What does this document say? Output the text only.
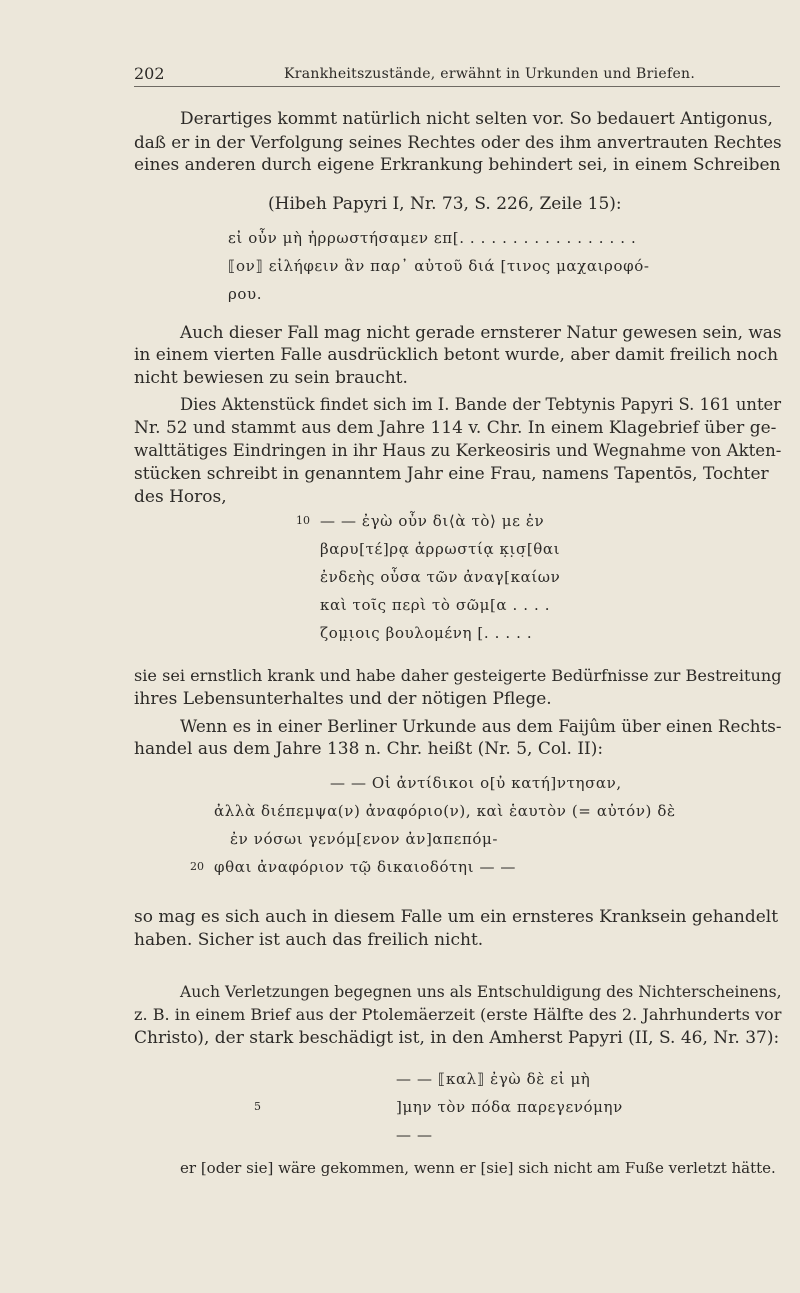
202	Krankheitszustände, erwähnt in Urkunden und Briefen.
Derartiges kommt natürlich nicht selten vor. So bedauert Antigonus,
daß er in der Verfolgung seines Rechtes oder des ihm anvertrauten Rechtes
eines anderen durch eigene Erkrankung behindert sei, in einem Schreiben
(Hibeh Papyri I, Nr. 73, S. 226, Zeile 15):
εἰ οὖν μὴ ἠρρωστήσαμεν επ[. . . . . . . . . . . . . . . . .
⟦ον⟧ εἰλήφειν ἂν παρ᾽ αὐτοῦ διά [τινος μαχαιροφό-
ρου.
Auch dieser Fall mag nicht gerade ernsterer Natur gewesen sein, was
in einem vierten Falle ausdrücklich betont wurde, aber damit freilich noch
nicht bewiesen zu sein braucht.
Dies Aktenstück findet sich im I. Bande der Tebtynis Papyri S. 161 unter
Nr. 52 und stammt aus dem Jahre 114 v. Chr. In einem Klagebrief über ge-
walttätiges Eindringen in ihr Haus zu Kerkeosiris und Wegnahme von Akten-
stücken schreibt in genanntem Jahr eine Frau, namens Tapentōs, Tochter
des Horos,
10 — — ἐγὼ οὖν δι⟨ὰ τὸ⟩ με ἐν
βαρυ[τέ]ρᾳ ἀρρωστίᾳ κ̣ι̣σ̣[θαι
ἐνδεὴς οὖσα τῶν ἀναγ[καίων
καὶ τοῖς περὶ τὸ σῶμ[α . . . .
ζομ̣ι̣οις βουλομένη [. . . . .
sie sei ernstlich krank und habe daher gesteigerte Bedürfnisse zur Bestreitung
ihres Lebensunterhaltes und der nötigen Pflege.
Wenn es in einer Berliner Urkunde aus dem Faijûm über einen Rechts-
handel aus dem Jahre 138 n. Chr. heißt (Nr. 5, Col. II):
— — Οἱ ἀντίδικοι ο[ὐ κατή]ντησαν,
ἀλλὰ διέπεμψα(ν) ἀναφόριο(ν), καὶ ἑαυτὸν (= αὐτόν) δὲ
ἐν νόσωι γενόμ[ενον ἀν]απεπόμ-
20 φθαι ἀναφόριον τῷ δικαιοδότηι — —
so mag es sich auch in diesem Falle um ein ernsteres Kranksein gehandelt
haben. Sicher ist auch das freilich nicht.
Auch Verletzungen begegnen uns als Entschuldigung des Nichterscheinens,
z. B. in einem Brief aus der Ptolemäerzeit (erste Hälfte des 2. Jahrhunderts vor
Christo), der stark beschädigt ist, in den Amherst Papyri (II, S. 46, Nr. 37):
— — ⟦καλ⟧ ἐγὼ δὲ εἰ μὴ
5	]μην τὸν πόδα παρεγενόμην
— —
er [oder sie] wäre gekommen, wenn er [sie] sich nicht am Fuße verletzt hätte.
